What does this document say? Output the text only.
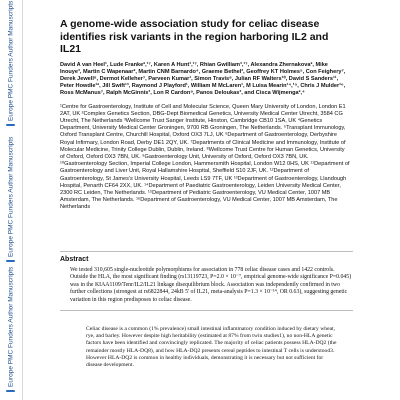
Europe PMC Funders Author Manuscripts
Europe PMC Funders Author Manuscripts
Europe PMC Funders Author Manuscripts
A genome-wide association study for celiac disease identifies risk variants in the region harboring IL2 and IL21
David A van Heel¹, Lude Franke²,¹⁷, Karen A Hunt¹,¹⁷, Rhian Gwilliam³,¹⁷, Alexandra Zhernakova², Mike Inouye³, Martin C Wapenaar², Martin CNM Barnardo⁴, Graeme Bethel³, Geoffrey KT Holmes⁵, Con Feighery⁷, Derek Jewell⁸, Dermot Kelleher⁷, Parveen Kumar¹, Simon Travis⁸, Julian RF Walters¹⁰, David S Sanders¹¹, Peter Howdle¹², Jill Swift¹³, Raymond J Playford¹, William M McLaren¹, M Luisa Mearin¹⁴,¹⁵, Chris J Mulder¹⁶, Ross McManus⁷, Ralph McGinnis³, Lon R Cardon⁹, Panos Deloukas³, and Cisca Wijmenga²,⁴
¹Centre for Gastroenterology, Institute of Cell and Molecular Science, Queen Mary University of London, London E1 2AT, UK ²Complex Genetics Section, DBG-Dept Biomedical Genetics, University Medical Center Utrecht, 3584 CG Utrecht, The Netherlands ³Wellcome Trust Sanger Institute, Hinxton, Cambridge CB10 1SA, UK ⁴Genetics Department, University Medical Center Groningen, 9700 RB Groningen, The Netherlands. ⁵Transplant Immunology, Oxford Transplant Centre, Churchill Hospital, Oxford OX3 7LJ, UK ⁶Department of Gastroenterology, Derbyshire Royal Infirmary, London Road, Derby DE1 2QY, UK. ⁷Departments of Clinical Medicine and Immunology, Institute of Molecular Medicine, Trinity College Dublin, Dublin, Ireland. ⁸Wellcome Trust Centre for Human Genetics, University of Oxford, Oxford OX3 7BN, UK. ⁹Gastroenterology Unit, University of Oxford, Oxford OX3 7BN, UK. ¹⁰Gastroenterology Section, Imperial College London, Hammersmith Hospital, London W12 0HS, UK ¹¹Department of Gastroenterology and Liver Unit, Royal Hallamshire Hospital, Sheffield S10 2JF, UK. ¹²Department of Gastroenterology, St James's University Hospital, Leeds LS9 7TF, UK ¹³Department of Gastroenterology, Llandough Hospital, Penarth CF64 2XX, UK. ¹⁴Department of Paediatric Gastroenterology, Leiden University Medical Center, 2300 RC Leiden, The Netherlands. ¹⁵Department of Pediatric Gastroenterology, VU Medical Center, 1007 MB Amsterdam, The Netherlands. ¹⁶Department of Gastroenterology, VU Medical Center, 1007 MB Amsterdam, The Netherlands
Abstract

We tested 310,605 single-nucleotide polymorphisms for association in 778 celiac disease cases and 1422 controls. Outside the HLA, the most significant finding (rs13119723, P=2.0 × 10⁻⁷, empirical genome-wide significance P=0.045) was in the KIAA1109/Tenr/IL2/IL21 linkage disequilibrium block. Association was independently confirmed in two further collections (strongest at rs6822844, 24kB 5' of IL21, meta-analysis P=1.3 × 10⁻¹⁴, OR 0.63), suggesting genetic variation in this region predisposes to celiac disease.

Celiac disease is a common (1% prevalence) small intestinal inflammatory condition induced by dietary wheat, rye, and barley. However despite high heritability (estimated at 87% from twin studies1), no non-HLA genetic factors have been identified and convincingly replicated. The majority of celiac patients possess HLA-DQ2 (the remainder mostly HLA-DQ8), and how HLA-DQ2 presents cereal peptides to intestinal T cells is understood3. However HLA-DQ2 is common in healthy individuals, demonstrating it is necessary but not sufficient for disease development.
